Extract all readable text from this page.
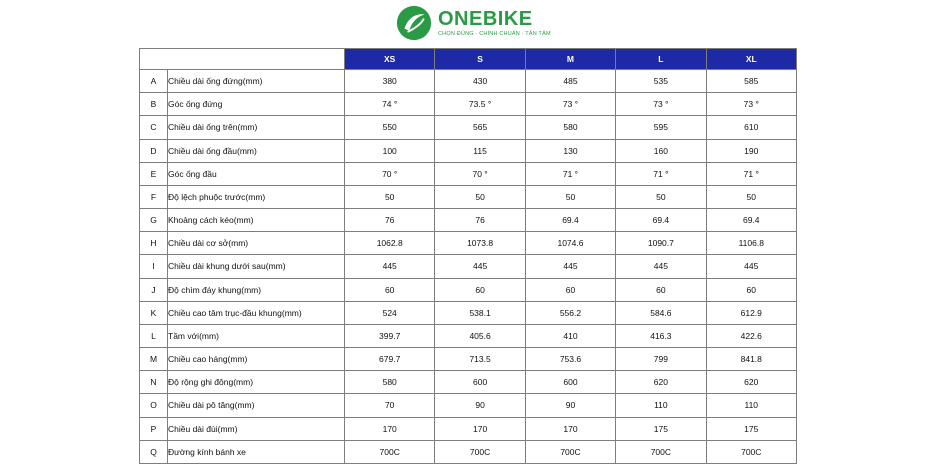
ONEBIKE
CHỌN ĐÚNG · CHÍNH CHUẨN · TẬN TÂM
		XS	S	M	L	XL
A	Chiều dài ống đứng(mm)	380	430	485	535	585
B	Góc ống đứng	74 °	73.5 °	73 °	73 °	73 °
C	Chiều dài ống trên(mm)	550	565	580	595	610
D	Chiều dài ống đầu(mm)	100	115	130	160	190
E	Góc ống đầu	70 °	70 °	71 °	71 °	71 °
F	Độ lệch phuộc trước(mm)	50	50	50	50	50
G	Khoảng cách kéo(mm)	76	76	69.4	69.4	69.4
H	Chiều dài cơ sở(mm)	1062.8	1073.8	1074.6	1090.7	1106.8
I	Chiều dài khung dưới sau(mm)	445	445	445	445	445
J	Độ chìm đáy khung(mm)	60	60	60	60	60
K	Chiều cao tâm trục-đầu khung(mm)	524	538.1	556.2	584.6	612.9
L	Tầm với(mm)	399.7	405.6	410	416.3	422.6
M	Chiều cao háng(mm)	679.7	713.5	753.6	799	841.8
N	Độ rộng ghi đông(mm)	580	600	600	620	620
O	Chiều dài pô tăng(mm)	70	90	90	110	110
P	Chiều dài đùi(mm)	170	170	170	175	175
Q	Đường kính bánh xe	700C	700C	700C	700C	700C
